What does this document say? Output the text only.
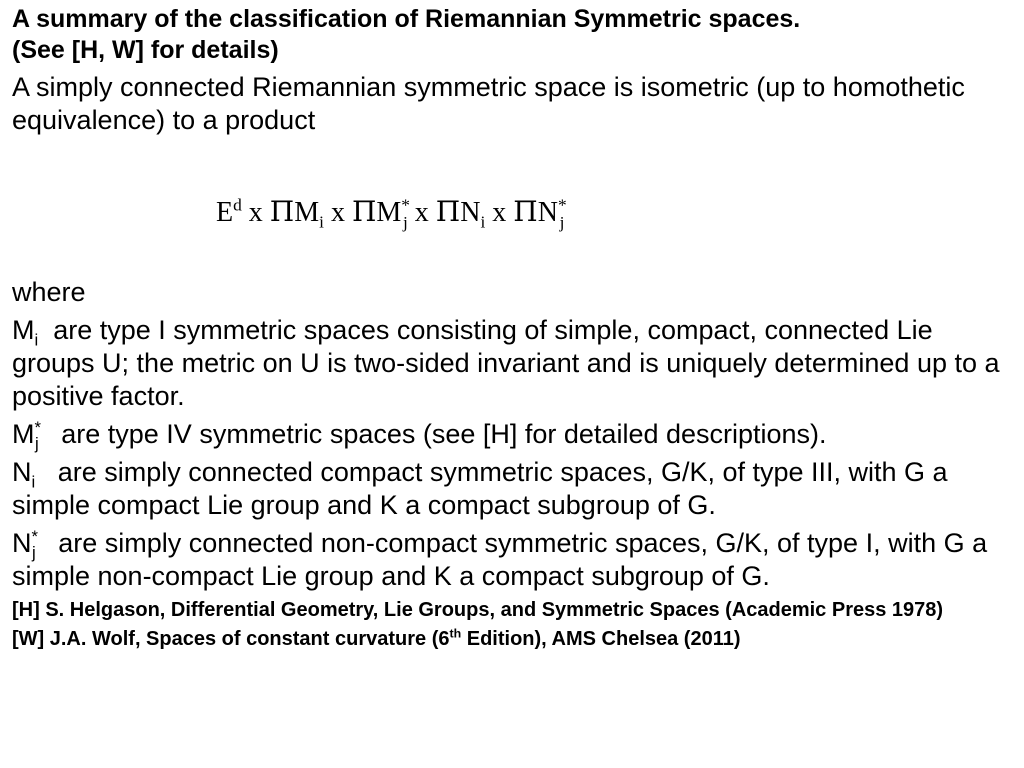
A summary of the classification of Riemannian Symmetric spaces.
(See [H, W] for details)

A simply connected Riemannian symmetric space is isometric (up to homothetic equivalence) to a product

$E^d$ x $\Pi M_i$ x $\Pi M^*_j$ x $\Pi N_i$ x $\Pi N^*_j$

where

$M_i$ are type I symmetric spaces consisting of simple, compact, connected Lie groups U; the metric on U is two-sided invariant and is uniquely determined up to a positive factor.

$M^*_j$ are type IV symmetric spaces (see [H] for detailed descriptions).

$N_i$ are simply connected compact symmetric spaces, G/K, of type III, with G a simple compact Lie group and K a compact subgroup of G.

$N^*_j$ are simply connected non-compact symmetric spaces, G/K, of type I, with G a simple non-compact Lie group and K a compact subgroup of G.

[H] S. Helgason, Differential Geometry, Lie Groups, and Symmetric Spaces (Academic Press 1978)

[W] J.A. Wolf, Spaces of constant curvature (6th Edition), AMS Chelsea (2011)
